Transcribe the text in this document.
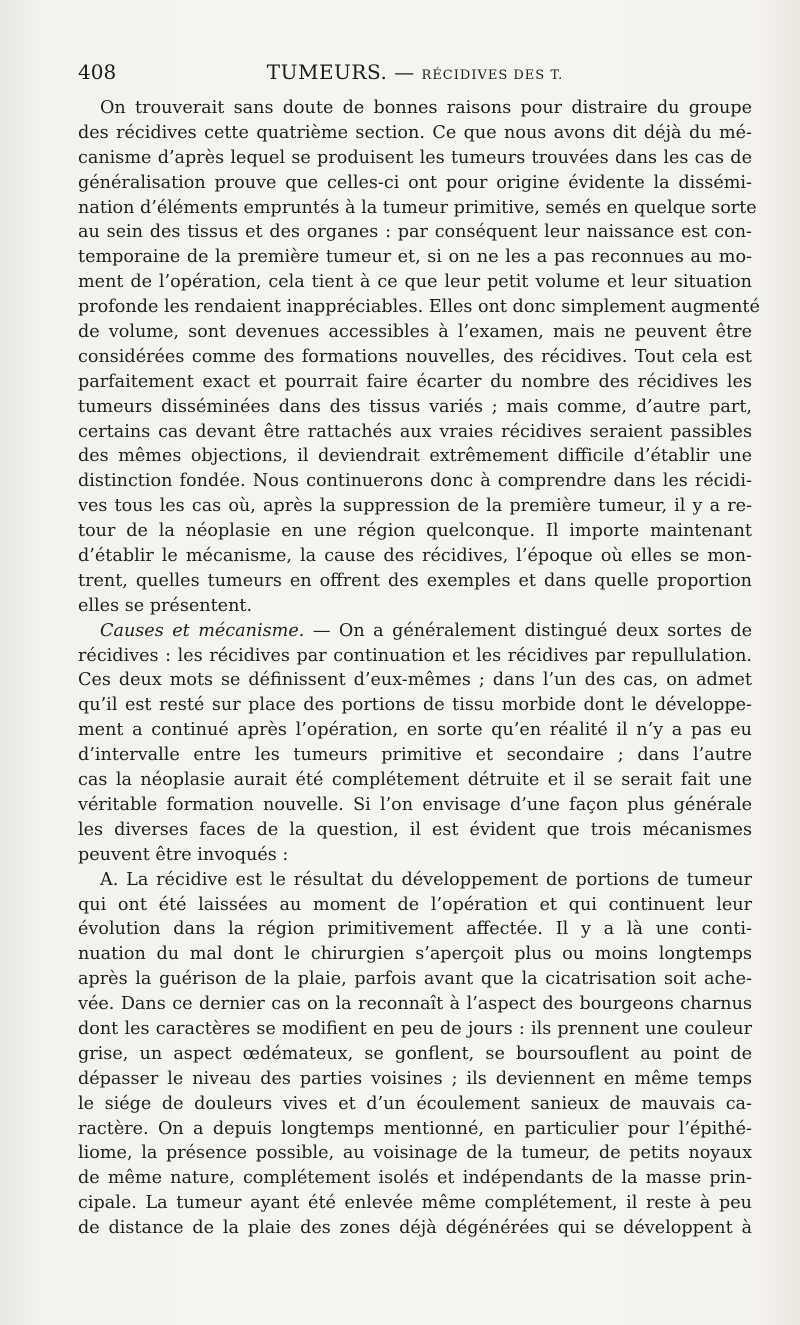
408	TUMEURS. — RÉCIDIVES DES T.
On trouverait sans doute de bonnes raisons pour distraire du groupe
des récidives cette quatrième section. Ce que nous avons dit déjà du mé-
canisme d’après lequel se produisent les tumeurs trouvées dans les cas de
généralisation prouve que celles-ci ont pour origine évidente la dissémi-
nation d’éléments empruntés à la tumeur primitive, semés en quelque sorte
au sein des tissus et des organes : par conséquent leur naissance est con-
temporaine de la première tumeur et, si on ne les a pas reconnues au mo-
ment de l’opération, cela tient à ce que leur petit volume et leur situation
profonde les rendaient inappréciables. Elles ont donc simplement augmenté
de volume, sont devenues accessibles à l’examen, mais ne peuvent être
considérées comme des formations nouvelles, des récidives. Tout cela est
parfaitement exact et pourrait faire écarter du nombre des récidives les
tumeurs disséminées dans des tissus variés ; mais comme, d’autre part,
certains cas devant être rattachés aux vraies récidives seraient passibles
des mêmes objections, il deviendrait extrêmement difficile d’établir une
distinction fondée. Nous continuerons donc à comprendre dans les récidi-
ves tous les cas où, après la suppression de la première tumeur, il y a re-
tour de la néoplasie en une région quelconque. Il importe maintenant
d’établir le mécanisme, la cause des récidives, l’époque où elles se mon-
trent, quelles tumeurs en offrent des exemples et dans quelle proportion
elles se présentent.
Causes et mécanisme. — On a généralement distingué deux sortes de
récidives : les récidives par continuation et les récidives par repullulation.
Ces deux mots se définissent d’eux-mêmes ; dans l’un des cas, on admet
qu’il est resté sur place des portions de tissu morbide dont le développe-
ment a continué après l’opération, en sorte qu’en réalité il n’y a pas eu
d’intervalle entre les tumeurs primitive et secondaire ; dans l’autre
cas la néoplasie aurait été complétement détruite et il se serait fait une
véritable formation nouvelle. Si l’on envisage d’une façon plus générale
les diverses faces de la question, il est évident que trois mécanismes
peuvent être invoqués :
A. La récidive est le résultat du développement de portions de tumeur
qui ont été laissées au moment de l’opération et qui continuent leur
évolution dans la région primitivement affectée. Il y a là une conti-
nuation du mal dont le chirurgien s’aperçoit plus ou moins longtemps
après la guérison de la plaie, parfois avant que la cicatrisation soit ache-
vée. Dans ce dernier cas on la reconnaît à l’aspect des bourgeons charnus
dont les caractères se modifient en peu de jours : ils prennent une couleur
grise, un aspect œdémateux, se gonflent, se boursouflent au point de
dépasser le niveau des parties voisines ; ils deviennent en même temps
le siége de douleurs vives et d’un écoulement sanieux de mauvais ca-
ractère. On a depuis longtemps mentionné, en particulier pour l’épithé-
liome, la présence possible, au voisinage de la tumeur, de petits noyaux
de même nature, complétement isolés et indépendants de la masse prin-
cipale. La tumeur ayant été enlevée même complétement, il reste à peu
de distance de la plaie des zones déjà dégénérées qui se développent à
